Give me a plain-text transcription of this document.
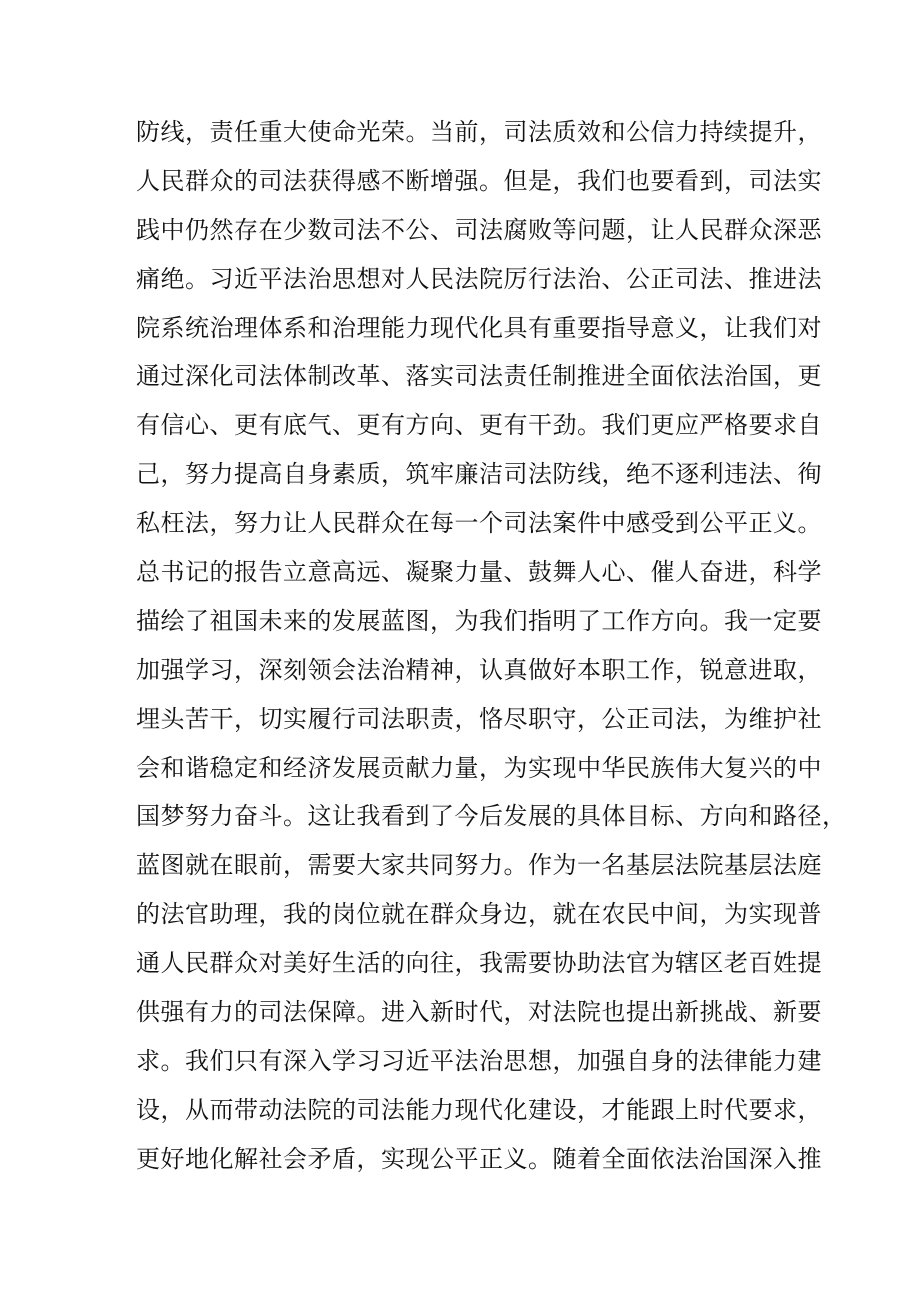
防线，责任重大使命光荣。当前，司法质效和公信力持续提升，
人民群众的司法获得感不断增强。但是，我们也要看到，司法实
践中仍然存在少数司法不公、司法腐败等问题，让人民群众深恶
痛绝。习近平法治思想对人民法院厉行法治、公正司法、推进法
院系统治理体系和治理能力现代化具有重要指导意义，让我们对
通过深化司法体制改革、落实司法责任制推进全面依法治国，更
有信心、更有底气、更有方向、更有干劲。我们更应严格要求自
己，努力提高自身素质，筑牢廉洁司法防线，绝不逐利违法、徇
私枉法，努力让人民群众在每一个司法案件中感受到公平正义。
总书记的报告立意高远、凝聚力量、鼓舞人心、催人奋进，科学
描绘了祖国未来的发展蓝图，为我们指明了工作方向。我一定要
加强学习，深刻领会法治精神，认真做好本职工作，锐意进取，
埋头苦干，切实履行司法职责，恪尽职守，公正司法，为维护社
会和谐稳定和经济发展贡献力量，为实现中华民族伟大复兴的中
国梦努力奋斗。这让我看到了今后发展的具体目标、方向和路径，
蓝图就在眼前，需要大家共同努力。作为一名基层法院基层法庭
的法官助理，我的岗位就在群众身边，就在农民中间，为实现普
通人民群众对美好生活的向往，我需要协助法官为辖区老百姓提
供强有力的司法保障。进入新时代，对法院也提出新挑战、新要
求。我们只有深入学习习近平法治思想，加强自身的法律能力建
设，从而带动法院的司法能力现代化建设，才能跟上时代要求，
更好地化解社会矛盾，实现公平正义。随着全面依法治国深入推
